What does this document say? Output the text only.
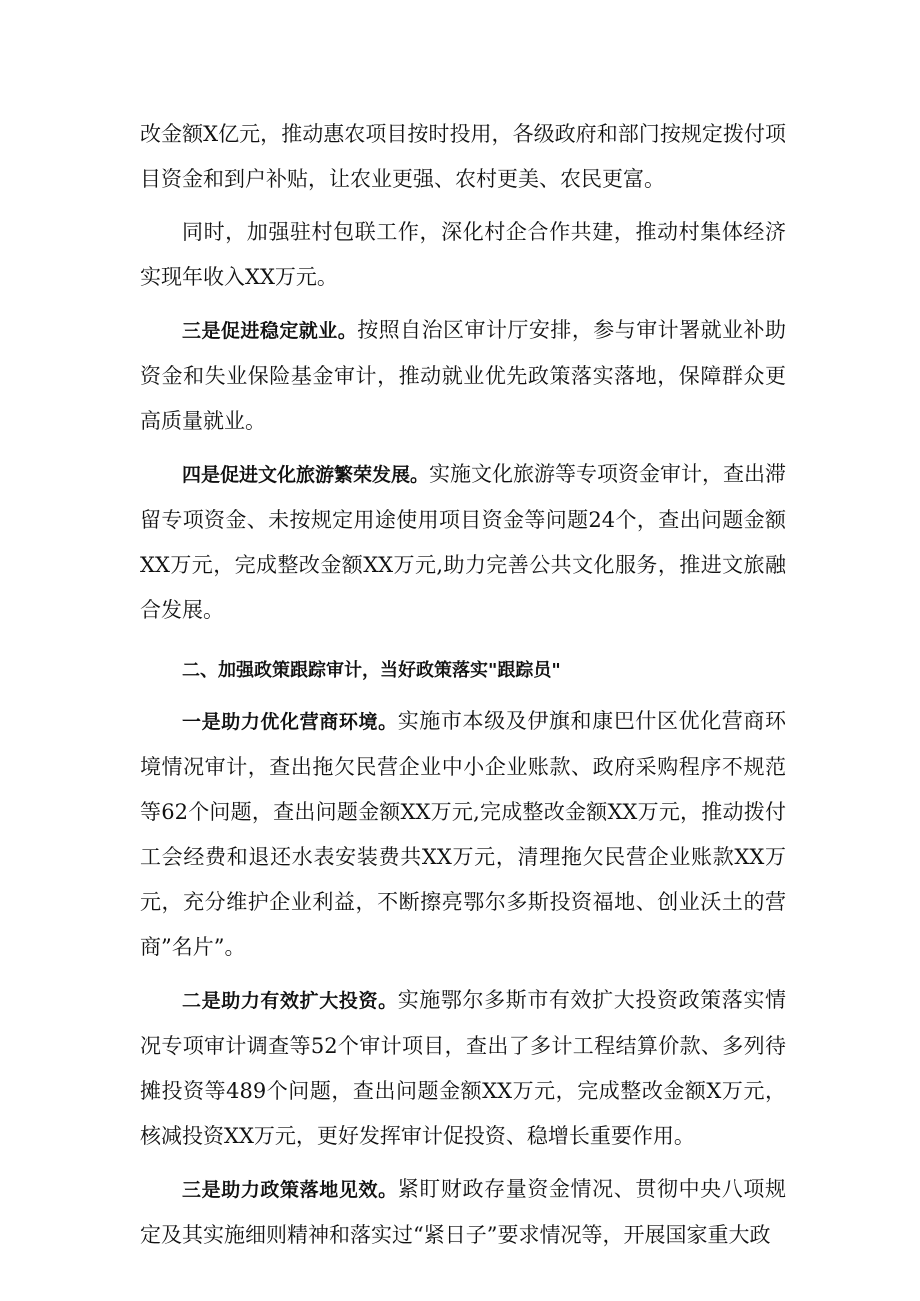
改金额X亿元，推动惠农项目按时投用，各级政府和部门按规定拨付项目资金和到户补贴，让农业更强、农村更美、农民更富。

同时，加强驻村包联工作，深化村企合作共建，推动村集体经济实现年收入XX万元。

三是促进稳定就业。按照自治区审计厅安排，参与审计署就业补助资金和失业保险基金审计，推动就业优先政策落实落地，保障群众更高质量就业。

四是促进文化旅游繁荣发展。实施文化旅游等专项资金审计，查出滞留专项资金、未按规定用途使用项目资金等问题24个，查出问题金额XX万元，完成整改金额XX万元,助力完善公共文化服务，推进文旅融合发展。

二、加强政策跟踪审计，当好政策落实"跟踪员"

一是助力优化营商环境。实施市本级及伊旗和康巴什区优化营商环境情况审计，查出拖欠民营企业中小企业账款、政府采购程序不规范等62个问题，查出问题金额XX万元,完成整改金额XX万元，推动拨付工会经费和退还水表安装费共XX万元，清理拖欠民营企业账款XX万元，充分维护企业利益，不断擦亮鄂尔多斯投资福地、创业沃土的营商”名片”。

二是助力有效扩大投资。实施鄂尔多斯市有效扩大投资政策落实情况专项审计调查等52个审计项目，查出了多计工程结算价款、多列待摊投资等489个问题，查出问题金额XX万元，完成整改金额X万元，核减投资XX万元，更好发挥审计促投资、稳增长重要作用。

三是助力政策落地见效。紧盯财政存量资金情况、贯彻中央八项规定及其实施细则精神和落实过“紧日子”要求情况等，开展国家重大政
